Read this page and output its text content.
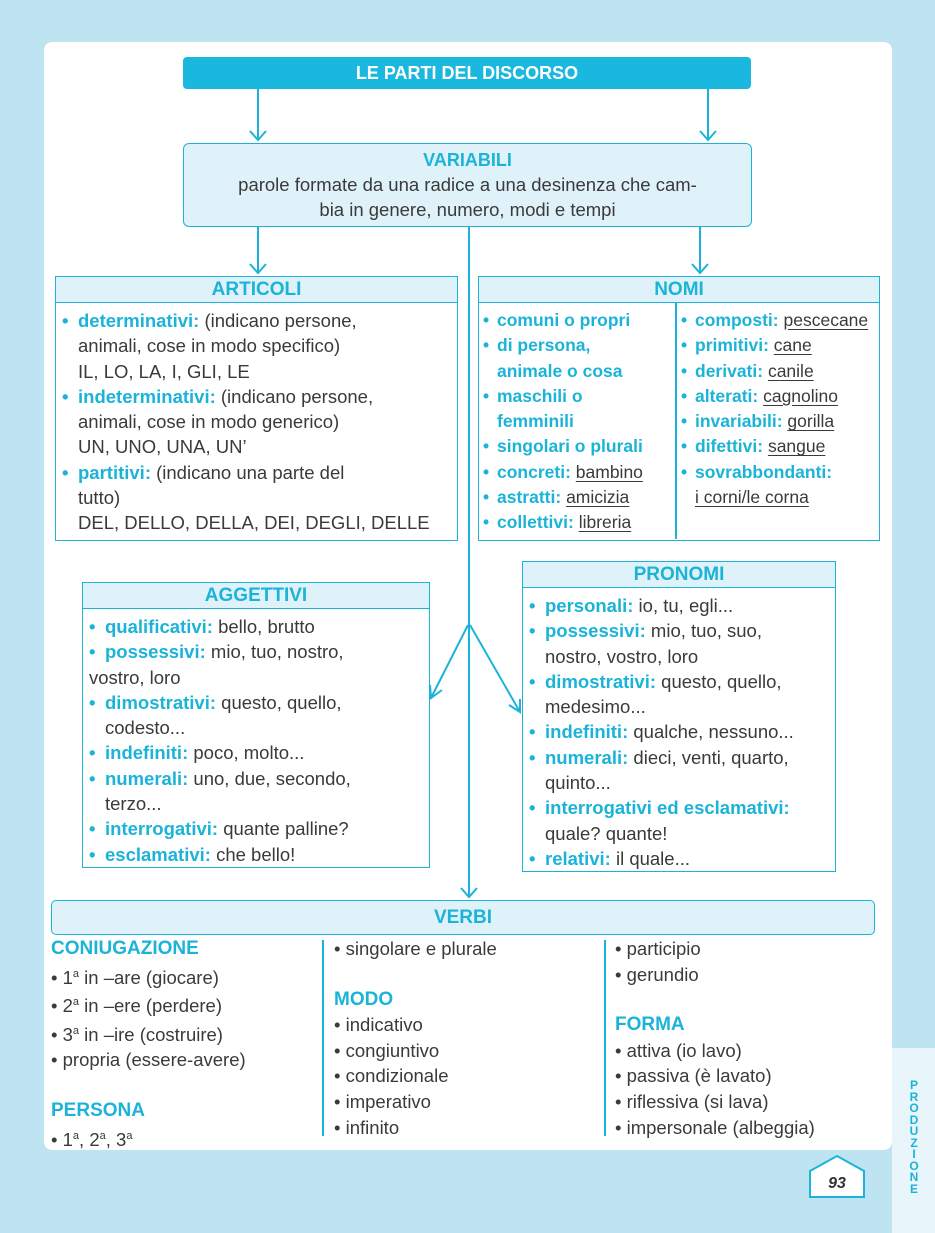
LE PARTI DEL DISCORSO
VARIABILI
parole formate da una radice a una desinenza che cam-
bia in genere, numero, modi e tempi
ARTICOLI
• determinativi: (indicano persone,
animali, cose in modo specifico)
IL, LO, LA, I, GLI, LE
• indeterminativi: (indicano persone,
animali, cose in modo generico)
UN, UNO, UNA, UN’
• partitivi: (indicano una parte del
tutto)
DEL, DELLO, DELLA, DEI, DEGLI, DELLE
NOMI
• comuni o propri
• di persona,
animale o cosa
• maschili o
femminili
• singolari o plurali
• concreti: bambino
• astratti: amicizia
• collettivi: libreria
• composti: pescecane
• primitivi: cane
• derivati: canile
• alterati: cagnolino
• invariabili: gorilla
• difettivi: sangue
• sovrabbondanti:
i corni/le corna
AGGETTIVI
• qualificativi: bello, brutto
• possessivi: mio, tuo, nostro,
vostro, loro
• dimostrativi: questo, quello,
codesto...
• indefiniti: poco, molto...
• numerali: uno, due, secondo,
terzo...
• interrogativi: quante palline?
• esclamativi: che bello!
PRONOMI
• personali: io, tu, egli...
• possessivi: mio, tuo, suo,
nostro, vostro, loro
• dimostrativi: questo, quello,
medesimo...
• indefiniti: qualche, nessuno...
• numerali: dieci, venti, quarto,
quinto...
• interrogativi ed esclamativi:
quale? quante!
• relativi: il quale...
VERBI
CONIUGAZIONE
• 1$^a$ in –are (giocare)
• 2$^a$ in –ere (perdere)
• 3$^a$ in –ire (costruire)
• propria (essere-avere)
PERSONA
• 1$^a$, 2$^a$, 3$^a$
• singolare e plurale
MODO
• indicativo
• congiuntivo
• condizionale
• imperativo
• infinito
• participio
• gerundio
FORMA
• attiva (io lavo)
• passiva (è lavato)
• riflessiva (si lava)
• impersonale (albeggia)
P
R
O
D
U
Z
I
O
N
E
93
